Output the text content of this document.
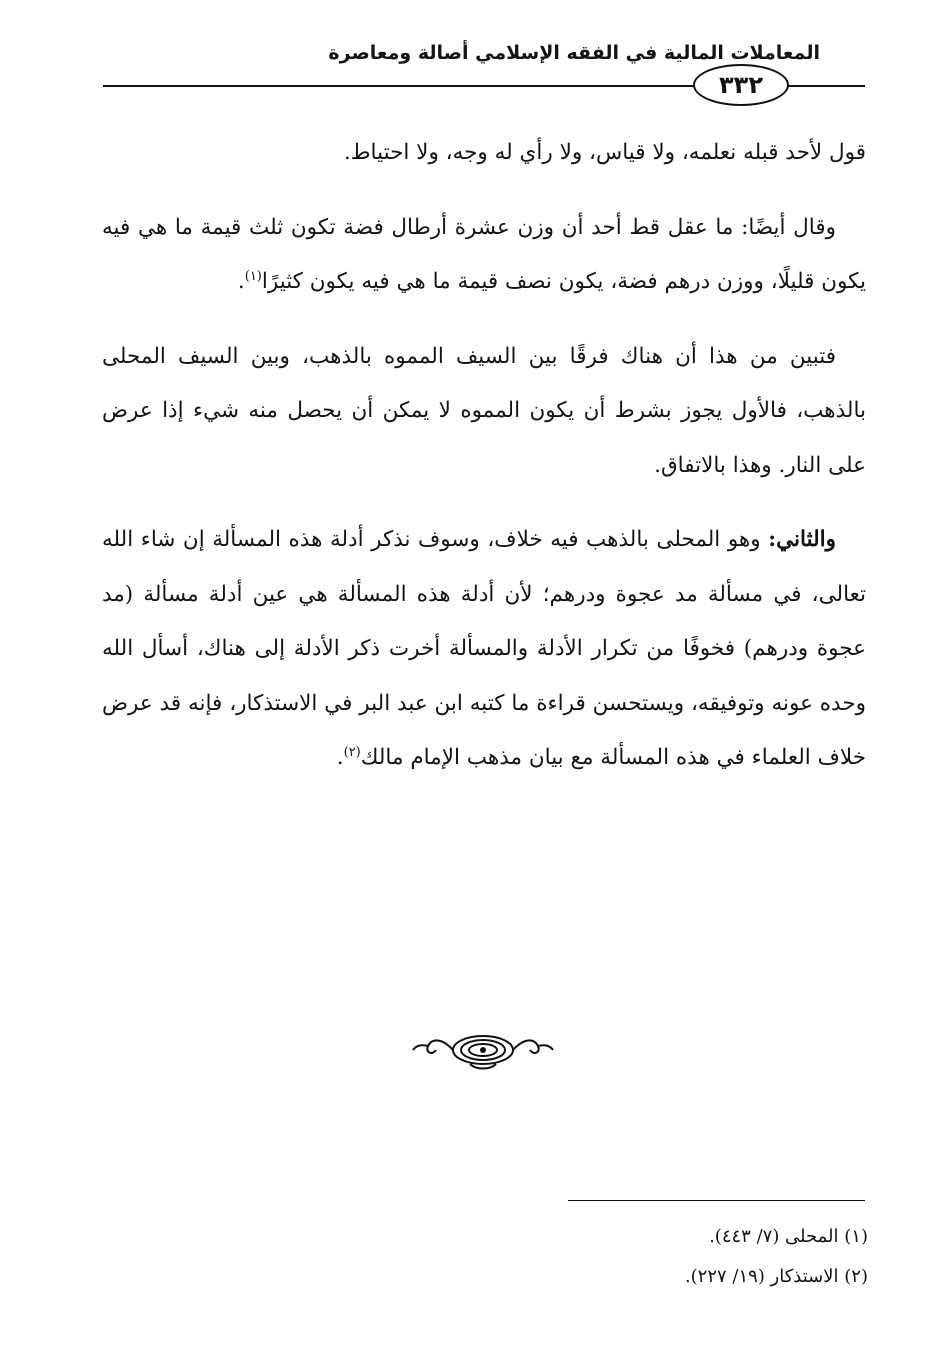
المعاملات المالية في الفقه الإسلامي أصالة ومعاصرة
٣٣٢

قول لأحد قبله نعلمه، ولا قياس، ولا رأي له وجه، ولا احتياط.

وقال أيضًا: ما عقل قط أحد أن وزن عشرة أرطال فضة تكون ثلث قيمة ما هي فيه يكون قليلًا، ووزن درهم فضة، يكون نصف قيمة ما هي فيه يكون كثيرًا$^{(١)}$.

فتبين من هذا أن هناك فرقًا بين السيف المموه بالذهب، وبين السيف المحلى بالذهب، فالأول يجوز بشرط أن يكون المموه لا يمكن أن يحصل منه شيء إذا عرض على النار. وهذا بالاتفاق.

والثاني: وهو المحلى بالذهب فيه خلاف، وسوف نذكر أدلة هذه المسألة إن شاء الله تعالى، في مسألة مد عجوة ودرهم؛ لأن أدلة هذه المسألة هي عين أدلة مسألة (مد عجوة ودرهم) فخوفًا من تكرار الأدلة والمسألة أخرت ذكر الأدلة إلى هناك، أسأل الله وحده عونه وتوفيقه، ويستحسن قراءة ما كتبه ابن عبد البر في الاستذكار، فإنه قد عرض خلاف العلماء في هذه المسألة مع بيان مذهب الإمام مالك$^{(٢)}$.

(١) المحلى (٧/ ٤٤٣).
(٢) الاستذكار (١٩/ ٢٢٧).
